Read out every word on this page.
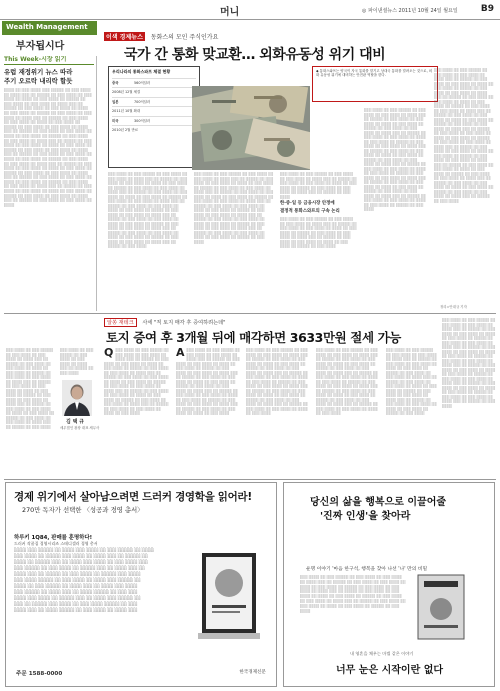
머니	◎ 파이낸셜뉴스 2011년 10월 24일 월요일	B9
Wealth Management
부자됩시다
이색 경제뉴스 동화스의 모인 주식인가요
This Week-시장 읽기
유럽 재정위기 뉴스 따라
주기 오르락 내리락 할듯

░░░░ ░░ ░░░ ░░░░ ░░░ ░░░░░ ░░ ░░░ ░░░░ ░░ ░░░░ ░░░ ░░ ░░░░░ ░░ ░░░ ░░░░ ░░ ░░░ ░░░░ ░░ ░░░░ ░░ ░░░ ░░░░ ░░ ░░░░░ ░░ ░░░ ░░░░ ░░ ░░░ ░░░░ ░░ ░░░░ ░░░ ░░ ░░░░░ ░░ ░░░ ░░░░ ░░ ░░░ ░░░░ ░░ ░░░░ ░░ ░░░ ░░░░ ░░ ░░░░░ ░░ ░░░ ░░░░ ░░ ░░░ ░░░░ ░░ ░░░░ ░░░ ░░ ░░░░░ ░░ ░░░ ░░░░ ░░ ░░░ ░░░░ ░░ ░░░░ ░░ ░░░ ░░░░ ░░ ░░░░░ ░░ ░░░ ░░░░ ░░ ░░░ ░░░░ ░░ ░░░░ ░░░ ░░ ░░░░░ ░░ ░░░ ░░░░ ░░ ░░░ ░░░░ ░░ ░░░░ ░░ ░░░ ░░░░ ░░ ░░░░░ ░░ ░░░ ░░░░ ░░ ░░░ ░░░░ ░░ ░░░░ ░░░ ░░ ░░░░░ ░░ ░░░ ░░░░ ░░ ░░░ ░░░░ ░░ ░░░░ ░░ ░░░ ░░░░ ░░ ░░░░░ ░░ ░░░ ░░░░ ░░ ░░░ ░░░░ ░░ ░░░░ ░░░ ░░ ░░░░░ ░░ ░░░ ░░░░ ░░ ░░░ ░░░░ ░░ ░░░░ ░░ ░░░ ░░░░ ░░ ░░░░░ ░░ ░░░ ░░░░ ░░ ░░░ ░░░░ ░░ ░░░░ ░░░ ░░ ░░░░░ ░░ ░░░ ░░░░ ░░ ░░░ ░░░░ ░░ ░░░░ ░░ ░░░ ░░░░ ░░ ░░░░░ ░░ ░░░ ░░░░ ░░ ░░░ ░░░░ ░░ ░░░░ ░░░ ░░ ░░░░░ ░░ ░░░ ░░░░ ░░ ░░░ ░░░░ ░░ ░░░░ ░░ ░░░ ░░░░ ░░ ░░░░░ ░░ ░░░ ░░░░ ░░ ░░░ ░░░░ ░░ ░░░░ ░░░ ░░ ░░░░░ ░░ ░░░ ░░░░ ░░ ░░░ ░░░░ ░░ ░░░░ ░░ ░░░ ░░░░ ░░ ░░░░░ ░░ ░░░ ░░░░ ░░ ░░░ ░░░░ ░░ ░░░░ ░░░ ░░ ░░░░░ ░░ ░░░ ░░░░ ░░ ░░░ ░░░░ ░░ ░░░░

국가 간 통화 맞교환… 외화유동성 위기 대비
우리나라의 통화스와프 체결 현황
중국	560억달러
2008년 12월 체결
일본	700억달러
2011년 10월 확대
미국	300억달러
2010년 2월 만료
◆ 통화스와프는 양국이 자국 통화를 맡기고 상대국 통화를 빌려오는 것으로, 외화 유동성 위기에 대비하는 안전판 역할을 한다.
░░░ ░░░░ ░░ ░░░ ░░░░░ ░░ ░░░ ░░░░ ░░ ░░░ ░░░░ ░░ ░░░░ ░░░ ░░ ░░░░░ ░░ ░░░ ░░░░ ░░ ░░░ ░░░░ ░░ ░░░░ ░░ ░░░ ░░░░ ░░ ░░░░░ ░░ ░░░ ░░░░ ░░ ░░░ ░░░░ ░░ ░░░░ ░░░ ░░ ░░░░░ ░░ ░░░ ░░░░ ░░ ░░░ ░░░░ ░░ ░░░░ ░░ ░░░ ░░░░ ░░ ░░░░░ ░░ ░░░ ░░░░ ░░ ░░░ ░░░░ ░░ ░░░░ ░░░ ░░ ░░░░░ ░░ ░░░ ░░░░ ░░ ░░░ ░░░░ ░░ ░░░░ ░░ ░░░ ░░░░ ░░ ░░░░░ ░░ ░░░ ░░░░ ░░ ░░░ ░░░░ ░░ ░░░░ ░░░ ░░ ░░░░░ ░░ ░░░ ░░░░ ░░ ░░░ ░░░░ ░░ ░░░░ ░░ ░░░ ░░░░ ░░ ░░░░░ ░░ ░░░ ░░░░ ░░ ░░░ ░░░░ ░░ ░░░░ ░░░ ░░ ░░░░░ ░░ ░░░ ░░░░ ░░ ░░░ ░░░░ ░░ ░░░░ ░░ ░░░ ░░░░ ░░ ░░░░░ ░░ ░░░ ░░░░ ░░ ░░░ ░░░░ ░░ ░░░░ ░░░ ░░ ░░░░░ ░░ ░░░ ░░░░
░░░ ░░░░ ░░ ░░░ ░░░░░ ░░ ░░░ ░░░░ ░░ ░░░ ░░░░ ░░ ░░░░ ░░░ ░░ ░░░░░ ░░ ░░░ ░░░░ ░░ ░░░ ░░░░ ░░ ░░░░ ░░ ░░░ ░░░░ ░░ ░░░░░ ░░ ░░░ ░░░░ ░░ ░░░ ░░░░ ░░ ░░░░ ░░░ ░░ ░░░░░ ░░ ░░░ ░░░░ ░░ ░░░ ░░░░ ░░ ░░░░ ░░ ░░░ ░░░░ ░░ ░░░░░ ░░ ░░░ ░░░░ ░░ ░░░ ░░░░ ░░ ░░░░ ░░░ ░░ ░░░░░ ░░ ░░░ ░░░░ ░░ ░░░ ░░░░ ░░ ░░░░ ░░ ░░░ ░░░░ ░░ ░░░░░ ░░ ░░░ ░░░░ ░░ ░░░ ░░░░ ░░ ░░░░ ░░░ ░░ ░░░░░ ░░ ░░░ ░░░░ ░░ ░░░ ░░░░ ░░ ░░░░ ░░ ░░░ ░░░░ ░░ ░░░░░ ░░ ░░░ ░░░░ ░░ ░░░ ░░░░ ░░ ░░░░ ░░░ ░░ ░░░░░ ░░ ░░░ ░░░░ ░░ ░░░ ░░░░ ░░ ░░░░ ░░ ░░░ ░░░░ ░░ ░░░░░ ░░ ░░░ ░░░░
░░░ ░░░░ ░░ ░░░ ░░░░░ ░░ ░░░ ░░░░ ░░ ░░░ ░░░░ ░░ ░░░░ ░░░ ░░ ░░░░░ ░░ ░░░ ░░░░ ░░ ░░░ ░░░░ ░░ ░░░░ ░░ ░░░ ░░░░ ░░ ░░░░░ ░░ ░░░ ░░░░ ░░ ░░░ ░░░░ ░░ ░░░░ ░░░ ░░ ░░░░░ ░░ ░░░ ░░░░
한·중·일 등 금융시장 안정에
결정적 통화스와프의 구속 논리
░░░ ░░░░ ░░ ░░░ ░░░░░ ░░ ░░░ ░░░░ ░░ ░░░ ░░░░ ░░ ░░░░ ░░░ ░░ ░░░░░ ░░ ░░░ ░░░░ ░░ ░░░ ░░░░ ░░ ░░░░ ░░ ░░░ ░░░░ ░░ ░░░░░ ░░ ░░░ ░░░░ ░░ ░░░ ░░░░ ░░ ░░░░ ░░░ ░░ ░░░░░ ░░ ░░░ ░░░░ ░░ ░░░ ░░░░ ░░ ░░░░ ░░ ░░░ ░░░░ ░░ ░░░░░ ░░ ░░░ ░░░░
░░░ ░░░░ ░░ ░░░ ░░░░░ ░░ ░░░ ░░░░ ░░ ░░░ ░░░░ ░░ ░░░░ ░░░ ░░ ░░░░░ ░░ ░░░ ░░░░ ░░ ░░░ ░░░░ ░░ ░░░░ ░░ ░░░ ░░░░ ░░ ░░░░░ ░░ ░░░ ░░░░ ░░ ░░░ ░░░░ ░░ ░░░░ ░░░ ░░ ░░░░░ ░░ ░░░ ░░░░ ░░ ░░░ ░░░░ ░░ ░░░░ ░░ ░░░ ░░░░ ░░ ░░░░░ ░░ ░░░ ░░░░ ░░ ░░░ ░░░░ ░░ ░░░░ ░░░ ░░ ░░░░░ ░░ ░░░ ░░░░ ░░ ░░░ ░░░░ ░░ ░░░░ ░░ ░░░ ░░░░ ░░ ░░░░░ ░░ ░░░ ░░░░ ░░ ░░░ ░░░░ ░░ ░░░░ ░░░ ░░ ░░░░░ ░░ ░░░ ░░░░ ░░ ░░░ ░░░░ ░░ ░░░░ ░░ ░░░ ░░░░ ░░ ░░░░░ ░░ ░░░ ░░░░ ░░ ░░░ ░░░░ ░░ ░░░░ ░░░ ░░ ░░░░░ ░░ ░░░ ░░░░ ░░ ░░░ ░░░░ ░░ ░░░░ ░░ ░░░ ░░░░ ░░ ░░░░░ ░░ ░░░ ░░░░ ░░ ░░░ ░░░░ ░░ ░░░░ ░░░ ░░ ░░░░░ ░░ ░░░ ░░░░ ░░ ░░░ ░░░░ ░░ ░░░░ ░░ ░░░ ░░░░ ░░ ░░░░░ ░░ ░░░ ░░░░
░░░ ░░░░ ░░ ░░░ ░░░░░ ░░ ░░░ ░░░░ ░░ ░░░ ░░░░ ░░ ░░░░ ░░░ ░░ ░░░░░ ░░ ░░░ ░░░░ ░░ ░░░ ░░░░ ░░ ░░░░ ░░ ░░░ ░░░░ ░░ ░░░░░ ░░ ░░░ ░░░░ ░░ ░░░ ░░░░ ░░ ░░░░ ░░░ ░░ ░░░░░ ░░ ░░░ ░░░░ ░░ ░░░ ░░░░ ░░ ░░░░ ░░ ░░░ ░░░░ ░░ ░░░░░ ░░ ░░░ ░░░░ ░░ ░░░ ░░░░ ░░ ░░░░ ░░░ ░░ ░░░░░ ░░ ░░░ ░░░░ ░░ ░░░ ░░░░ ░░ ░░░░ ░░ ░░░ ░░░░ ░░ ░░░░░ ░░ ░░░ ░░░░ ░░ ░░░ ░░░░ ░░ ░░░░ ░░░ ░░ ░░░░░ ░░ ░░░ ░░░░ ░░ ░░░ ░░░░ ░░ ░░░░ ░░ ░░░ ░░░░ ░░ ░░░░░ ░░ ░░░ ░░░░ ░░ ░░░ ░░░░ ░░ ░░░░ ░░░ ░░ ░░░░░ ░░ ░░░ ░░░░ ░░ ░░░ ░░░░ ░░ ░░░░ ░░ ░░░ ░░░░ ░░ ░░░░░ ░░ ░░░ ░░░░ ░░ ░░░ ░░░░ ░░ ░░░░ ░░░ ░░ ░░░░░ ░░ ░░░ ░░░░ ░░ ░░░ ░░░░ ░░ ░░░░ ░░ ░░░ ░░░░ ░░ ░░░░░ ░░ ░░░ ░░░░ ░░ ░░░ ░░░░ ░░ ░░░░ ░░░ ░░ ░░░░░ ░░ ░░░ ░░░░ ░░ ░░░ ░░░░ ░░ ░░░░ ░░ ░░░ ░░░░ ░░ ░░░░░ ░░ ░░░ ░░░░ ░░ ░░░ ░░░░ ░░ ░░░░ ░░░ ░░ ░░░░░ ░░ ░░░ ░░░░
정리=안대규 기자
알쏭 재테크 사세 "직 토지 매각 후 증여하려는데"
토지 증여 후 3개월 뒤에 매각하면 3633만원 절세 가능
░░░ ░░░░ ░░ ░░░ ░░░░░ ░░ ░░░ ░░░░ ░░ ░░░ ░░░░ ░░ ░░░░ ░░░ ░░ ░░░░░ ░░ ░░░ ░░░░ ░░ ░░░ ░░░░ ░░ ░░░░ ░░ ░░░ ░░░░ ░░ ░░░░░ ░░ ░░░ ░░░░ ░░ ░░░ ░░░░ ░░ ░░░░ ░░░ ░░ ░░░░░ ░░ ░░░ ░░░░ ░░ ░░░ ░░░░ ░░ ░░░░ ░░ ░░░ ░░░░ ░░ ░░░░░ ░░ ░░░ ░░░░ ░░ ░░░ ░░░░ ░░ ░░░░ ░░░ ░░ ░░░░░ ░░ ░░░ ░░░░ ░░ ░░░ ░░░░ ░░ ░░░░ ░░ ░░░ ░░░░ ░░ ░░░░░ ░░ ░░░ ░░░░ ░░ ░░░ ░░░░ ░░ ░░░░ ░░░ ░░ ░░░░░ ░░ ░░░ ░░░░
░░░ ░░░░ ░░ ░░░ ░░░░░ ░░ ░░░ ░░░░ ░░ ░░░ ░░░░ ░░ ░░░░ ░░░ ░░ ░░░░░ ░░ ░░░ ░░░░
김 택 규
세무법인 광장 대표 세무사
Q ░░░ ░░░░ ░░ ░░░ ░░░░░ ░░ ░░░ ░░░░ ░░ ░░░ ░░░░ ░░ ░░░░ ░░░ ░░ ░░░░░ ░░ ░░░ ░░░░ ░░ ░░░ ░░░░ ░░ ░░░░ ░░ ░░░ ░░░░ ░░ ░░░░░ ░░ ░░░ ░░░░ ░░ ░░░ ░░░░ ░░ ░░░░ ░░░ ░░ ░░░░░ ░░ ░░░ ░░░░ ░░ ░░░ ░░░░ ░░ ░░░░ ░░ ░░░ ░░░░ ░░ ░░░░░ ░░ ░░░ ░░░░ ░░ ░░░ ░░░░ ░░ ░░░░ ░░░ ░░ ░░░░░ ░░ ░░░ ░░░░ ░░ ░░░ ░░░░ ░░ ░░░░ ░░ ░░░ ░░░░ ░░ ░░░░░ ░░ ░░░ ░░░░ ░░ ░░░ ░░░░ ░░ ░░░░ ░░░ ░░ ░░░░░ ░░ ░░░ ░░░░ ░░ ░░░ ░░░░ ░░ ░░░░ ░░ ░░░ ░░░░
A ░░░ ░░░░ ░░ ░░░ ░░░░░ ░░ ░░░ ░░░░ ░░ ░░░ ░░░░ ░░ ░░░░ ░░░ ░░ ░░░░░ ░░ ░░░ ░░░░ ░░ ░░░ ░░░░ ░░ ░░░░ ░░ ░░░ ░░░░ ░░ ░░░░░ ░░ ░░░ ░░░░ ░░ ░░░ ░░░░ ░░ ░░░░ ░░░ ░░ ░░░░░ ░░ ░░░ ░░░░ ░░ ░░░ ░░░░ ░░ ░░░░ ░░ ░░░ ░░░░ ░░ ░░░░░ ░░ ░░░ ░░░░ ░░ ░░░ ░░░░ ░░ ░░░░ ░░░ ░░ ░░░░░ ░░ ░░░ ░░░░ ░░ ░░░ ░░░░ ░░ ░░░░ ░░ ░░░ ░░░░ ░░ ░░░░░ ░░ ░░░ ░░░░ ░░ ░░░ ░░░░ ░░ ░░░░ ░░░ ░░ ░░░░░ ░░ ░░░ ░░░░ ░░ ░░░ ░░░░ ░░ ░░░░ ░░ ░░░ ░░░░
░░░ ░░░░ ░░ ░░░ ░░░░░ ░░ ░░░ ░░░░ ░░ ░░░ ░░░░ ░░ ░░░░ ░░░ ░░ ░░░░░ ░░ ░░░ ░░░░ ░░ ░░░ ░░░░ ░░ ░░░░ ░░ ░░░ ░░░░ ░░ ░░░░░ ░░ ░░░ ░░░░ ░░ ░░░ ░░░░ ░░ ░░░░ ░░░ ░░ ░░░░░ ░░ ░░░ ░░░░ ░░ ░░░ ░░░░ ░░ ░░░░ ░░ ░░░ ░░░░ ░░ ░░░░░ ░░ ░░░ ░░░░ ░░ ░░░ ░░░░ ░░ ░░░░ ░░░ ░░ ░░░░░ ░░ ░░░ ░░░░ ░░ ░░░ ░░░░ ░░ ░░░░ ░░ ░░░ ░░░░ ░░ ░░░░░ ░░ ░░░ ░░░░ ░░ ░░░ ░░░░ ░░ ░░░░ ░░░ ░░ ░░░░░ ░░ ░░░ ░░░░ ░░ ░░░ ░░░░ ░░ ░░░░ ░░ ░░░ ░░░░
░░░ ░░░░ ░░ ░░░ ░░░░░ ░░ ░░░ ░░░░ ░░ ░░░ ░░░░ ░░ ░░░░ ░░░ ░░ ░░░░░ ░░ ░░░ ░░░░ ░░ ░░░ ░░░░ ░░ ░░░░ ░░ ░░░ ░░░░ ░░ ░░░░░ ░░ ░░░ ░░░░ ░░ ░░░ ░░░░ ░░ ░░░░ ░░░ ░░ ░░░░░ ░░ ░░░ ░░░░ ░░ ░░░ ░░░░ ░░ ░░░░ ░░ ░░░ ░░░░ ░░ ░░░░░ ░░ ░░░ ░░░░ ░░ ░░░ ░░░░ ░░ ░░░░ ░░░ ░░ ░░░░░ ░░ ░░░ ░░░░ ░░ ░░░ ░░░░ ░░ ░░░░ ░░ ░░░ ░░░░ ░░ ░░░░░ ░░ ░░░ ░░░░ ░░ ░░░ ░░░░ ░░ ░░░░ ░░░ ░░ ░░░░░ ░░ ░░░ ░░░░ ░░ ░░░ ░░░░ ░░ ░░░░ ░░ ░░░ ░░░░
░░░ ░░░░ ░░ ░░░ ░░░░░ ░░ ░░░ ░░░░ ░░ ░░░ ░░░░ ░░ ░░░░ ░░░ ░░ ░░░░░ ░░ ░░░ ░░░░ ░░ ░░░ ░░░░ ░░ ░░░░ ░░ ░░░ ░░░░ ░░ ░░░░░ ░░ ░░░ ░░░░ ░░ ░░░ ░░░░ ░░ ░░░░ ░░░ ░░ ░░░░░ ░░ ░░░ ░░░░ ░░ ░░░ ░░░░ ░░ ░░░░ ░░ ░░░ ░░░░ ░░ ░░░░░ ░░ ░░░ ░░░░ ░░ ░░░ ░░░░ ░░ ░░░░ ░░░ ░░ ░░░░░ ░░ ░░░ ░░░░ ░░ ░░░ ░░░░ ░░ ░░░░ ░░ ░░░ ░░░░ ░░ ░░░░░ ░░ ░░░ ░░░░
░░░ ░░░░ ░░ ░░░ ░░░░░ ░░ ░░░ ░░░░ ░░ ░░░ ░░░░ ░░ ░░░░ ░░░ ░░ ░░░░░ ░░ ░░░ ░░░░ ░░ ░░░ ░░░░ ░░ ░░░░ ░░ ░░░ ░░░░ ░░ ░░░░░ ░░ ░░░ ░░░░ ░░ ░░░ ░░░░ ░░ ░░░░ ░░░ ░░ ░░░░░ ░░ ░░░ ░░░░ ░░ ░░░ ░░░░ ░░ ░░░░ ░░ ░░░ ░░░░ ░░ ░░░░░ ░░ ░░░ ░░░░ ░░ ░░░ ░░░░ ░░ ░░░░ ░░░ ░░ ░░░░░ ░░ ░░░ ░░░░ ░░ ░░░ ░░░░ ░░ ░░░░ ░░ ░░░ ░░░░ ░░ ░░░░░ ░░ ░░░ ░░░░ ░░ ░░░ ░░░░ ░░ ░░░░ ░░░ ░░ ░░░░░ ░░ ░░░ ░░░░ ░░ ░░░ ░░░░ ░░ ░░░░ ░░ ░░░ ░░░░ ░░ ░░░░░ ░░ ░░░ ░░░░ ░░ ░░░ ░░░░ ░░ ░░░░ ░░░ ░░ ░░░░░ ░░ ░░░ ░░░░
경제 위기에서 살아남으려면 드러커 경영학을 읽어라!
270만 독자가 선택한 〈성공과 경영 총서〉
하루키 1Q84, 판매를 훈명하다!
드러커 작품집 경영시리즈 스테디셀러 경영 총서
░░░░ ░░░ ░░░░░ ░░ ░░░░ ░░░ ░░░░ ░░ ░░░ ░░░░░ ░░ ░░░░
░░░ ░░░░ ░░ ░░░░░ ░░░ ░░░░ ░░ ░░░░ ░░░ ░░ ░░░░░ ░░
░░░░ ░░ ░░░░░ ░░░ ░░ ░░░░ ░░░ ░░░░ ░░ ░░░ ░░░░ ░░░
░░░ ░░░░░ ░░ ░░░ ░░░░ ░░ ░░░░░ ░░░ ░░ ░░░░ ░░░ ░░
░░░░ ░░░ ░░ ░░░░░ ░░ ░░░ ░░░░ ░░ ░░░░░ ░░░ ░░░░
░░░ ░░░░ ░░░░░ ░░ ░░░ ░░░░ ░░ ░░░░ ░░░ ░░░░░ ░░
░░░░ ░░ ░░░ ░░░░░ ░░ ░░░░ ░░░ ░░ ░░░░ ░░░ ░░░░
░░░ ░░░░░ ░░ ░░░░ ░░░ ░░ ░░░░ ░░░░░ ░░ ░░░ ░░░
░░░░ ░░░ ░░░░ ░░ ░░░░░ ░░░ ░░ ░░░░ ░░░ ░░░░░ ░░
░░░ ░░ ░░░░░ ░░░ ░░░░ ░░ ░░░ ░░░░ ░░░░░ ░░ ░░░
░░░░ ░░░ ░░ ░░░░ ░░░░░ ░░ ░░░ ░░░░ ░░ ░░░░ ░░░
주문 1588-0000	한국경제신문
당신의 삶을 행복으로 이끌어줄
'진짜 인생'을 찾아라
운명 이야기 '마음 한구석, 행복을 찾아 나선 '나' 만의 비밀
░░░ ░░░░ ░░ ░░░ ░░░░░ ░░ ░░░ ░░░░ ░░ ░░░ ░░░░ ░░ ░░░░ ░░░ ░░ ░░░░░ ░░ ░░░ ░░░░ ░░ ░░░ ░░░░ ░░ ░░░░ ░░ ░░░ ░░░░ ░░ ░░░░░ ░░ ░░░ ░░░░ ░░ ░░░ ░░░░ ░░ ░░░░ ░░░ ░░ ░░░░░ ░░ ░░░ ░░░░ ░░ ░░░ ░░░░ ░░ ░░░░ ░░ ░░░ ░░░░ ░░ ░░░░░ ░░ ░░░ ░░░░ ░░ ░░░ ░░░░ ░░ ░░░░ ░░░ ░░ ░░░░░ ░░ ░░░ ░░░░ ░░ ░░░ ░░░░ ░░ ░░░░ ░░ ░░░ ░░░░ ░░ ░░░░░ ░░ ░░░ ░░░░
내 영혼을 채우는 마법 같은 이야기
너무 눈은 시작이란 없다
